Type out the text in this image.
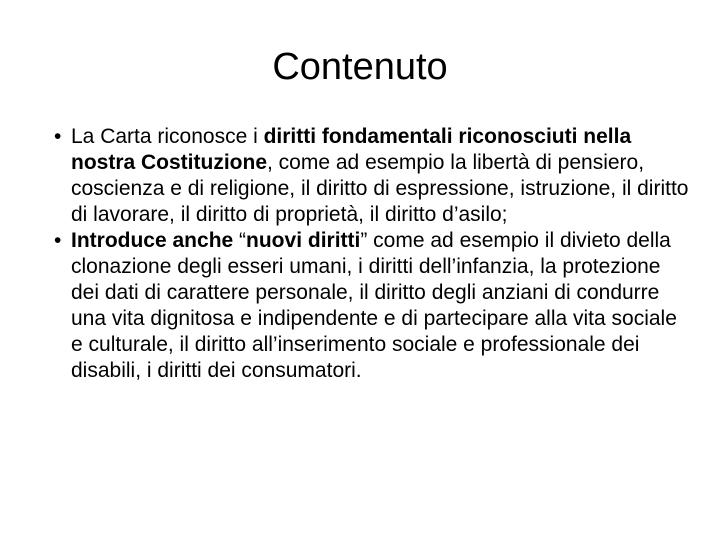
Contenuto
• La Carta riconosce i diritti fondamentali riconosciuti nella nostra Costituzione, come ad esempio la libertà di pensiero, coscienza e di religione, il diritto di espressione, istruzione, il diritto di lavorare, il diritto di proprietà, il diritto d’asilo;
• Introduce anche “nuovi diritti” come ad esempio il divieto della clonazione degli esseri umani, i diritti dell’infanzia, la protezione dei dati di carattere personale, il diritto degli anziani di condurre una vita dignitosa e indipendente e di partecipare alla vita sociale e culturale, il diritto all’inserimento sociale e professionale dei disabili, i diritti dei consumatori.
